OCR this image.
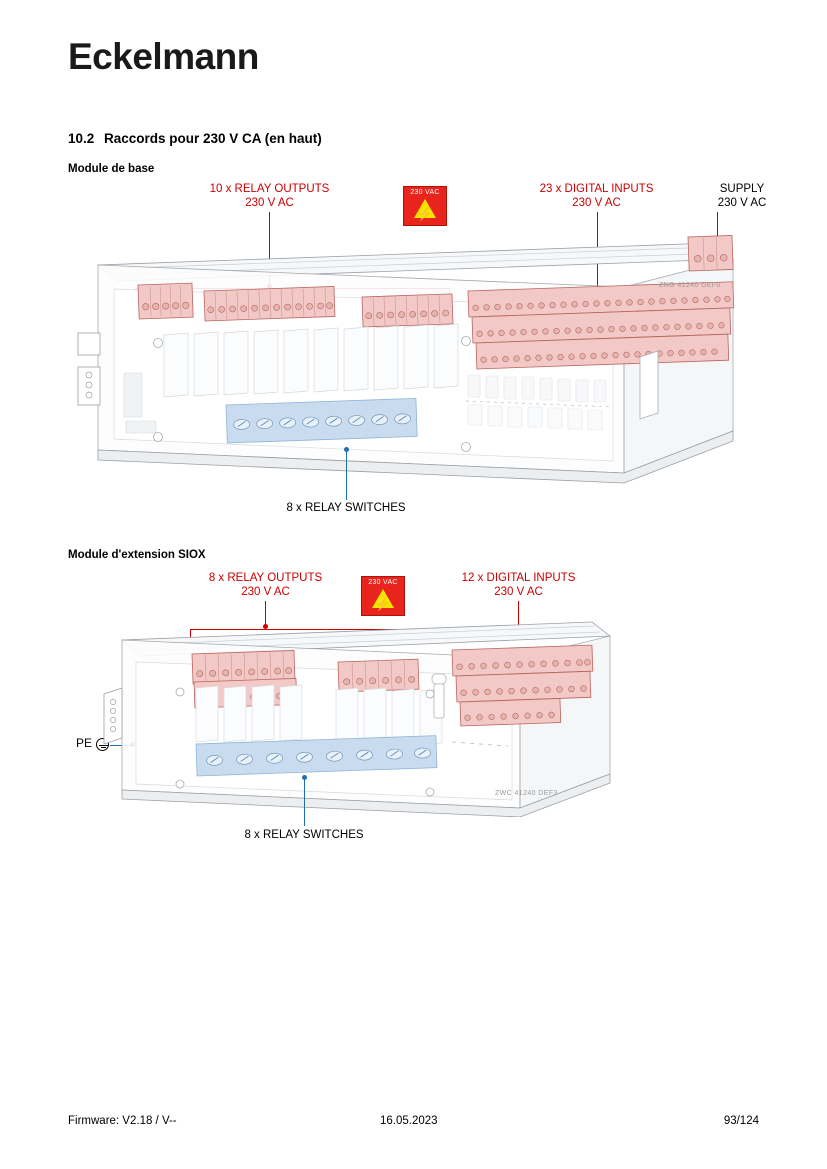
Eckelmann
10.2 Raccords pour 230 V CA (en haut)
Module de base
Module d'extension SIOX
10 x RELAY OUTPUTS
230 V AC
23 x DIGITAL INPUTS
230 V AC
SUPPLY
230 V AC
230 VAC
⚡
ZNG 41240 DEF0
8 x RELAY SWITCHES
8 x RELAY OUTPUTS
230 V AC
12 x DIGITAL INPUTS
230 V AC
230 VAC
⚡
PE
ZWC 41240 DEF3
8 x RELAY SWITCHES
Firmware: V2.18 / V--	16.05.2023	93/124
